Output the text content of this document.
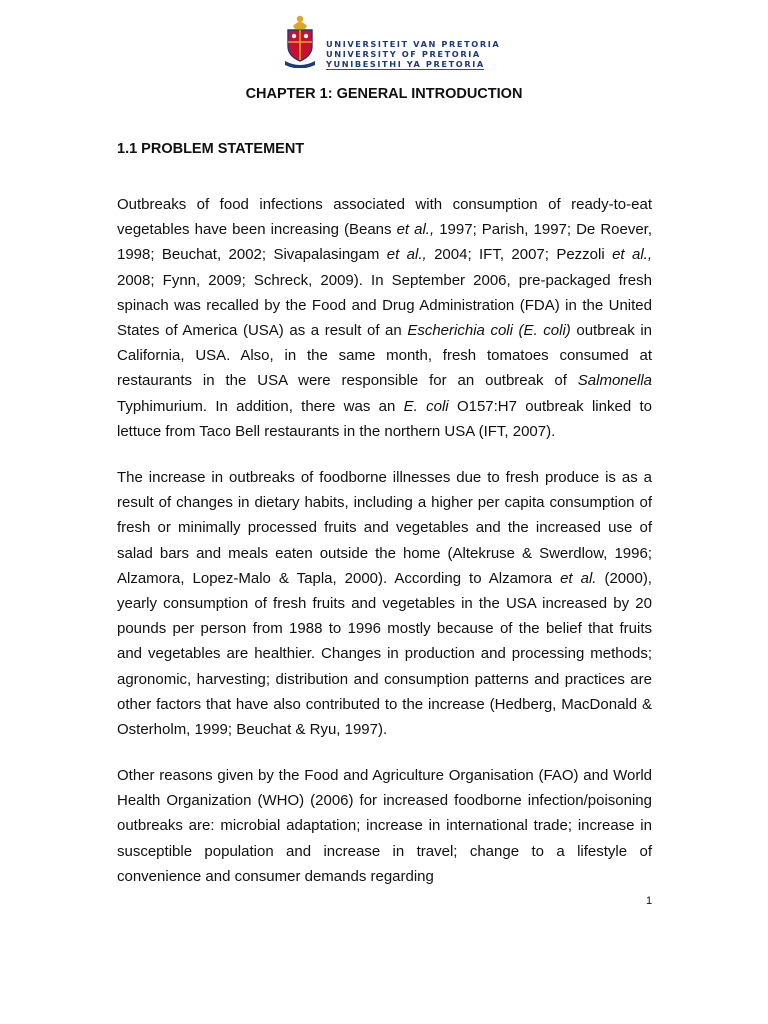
UNIVERSITEIT VAN PRETORIA
UNIVERSITY OF PRETORIA
YUNIBESITHI YA PRETORIA
CHAPTER 1: GENERAL INTRODUCTION
1.1 PROBLEM STATEMENT
Outbreaks of food infections associated with consumption of ready-to-eat vegetables have been increasing (Beans et al., 1997; Parish, 1997; De Roever, 1998; Beuchat, 2002; Sivapalasingam et al., 2004; IFT, 2007; Pezzoli et al., 2008; Fynn, 2009; Schreck, 2009). In September 2006, pre-packaged fresh spinach was recalled by the Food and Drug Administration (FDA) in the United States of America (USA) as a result of an Escherichia coli (E. coli) outbreak in California, USA. Also, in the same month, fresh tomatoes consumed at restaurants in the USA were responsible for an outbreak of Salmonella Typhimurium. In addition, there was an E. coli O157:H7 outbreak linked to lettuce from Taco Bell restaurants in the northern USA (IFT, 2007).
The increase in outbreaks of foodborne illnesses due to fresh produce is as a result of changes in dietary habits, including a higher per capita consumption of fresh or minimally processed fruits and vegetables and the increased use of salad bars and meals eaten outside the home (Altekruse & Swerdlow, 1996; Alzamora, Lopez-Malo & Tapla, 2000). According to Alzamora et al. (2000), yearly consumption of fresh fruits and vegetables in the USA increased by 20 pounds per person from 1988 to 1996 mostly because of the belief that fruits and vegetables are healthier. Changes in production and processing methods; agronomic, harvesting; distribution and consumption patterns and practices are other factors that have also contributed to the increase (Hedberg, MacDonald & Osterholm, 1999; Beuchat & Ryu, 1997).
Other reasons given by the Food and Agriculture Organisation (FAO) and World Health Organization (WHO) (2006) for increased foodborne infection/poisoning outbreaks are: microbial adaptation; increase in international trade; increase in susceptible population and increase in travel; change to a lifestyle of convenience and consumer demands regarding
1
